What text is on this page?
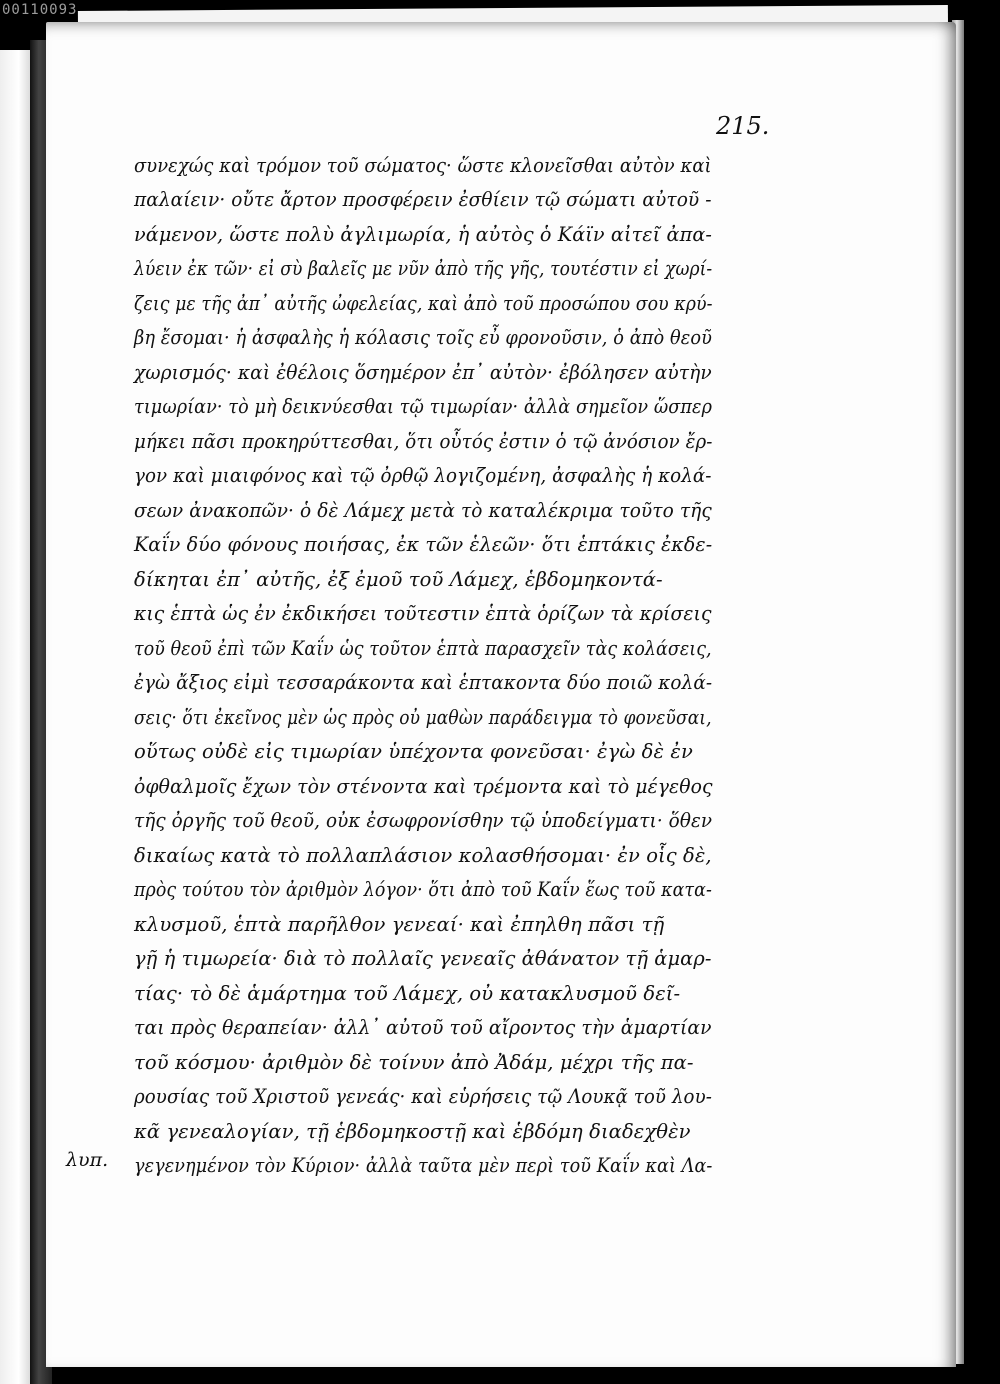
00110093
215.
λυπ.
συνεχώς καὶ τρόμον τοῦ σώματος· ὥστε κλονεῖσθαι αὐτὸν καὶ
παλαίειν· οὔτε ἄρτον προσφέρειν ἐσθίειν τῷ σώματι αὐτοῦ -
νάμενον, ὥστε πολὺ ἀγλιμωρία, ἡ αὐτὸς ὁ Κάϊν αἰτεῖ ἀπα-
λύειν ἐκ τῶν· εἰ σὺ βαλεῖς με νῦν ἀπὸ τῆς γῆς, τουτέστιν εἰ χωρί-
ζεις με τῆς ἀπ᾽ αὐτῆς ὠφελείας, καὶ ἀπὸ τοῦ προσώπου σου κρύ-
βη ἔσομαι· ἡ ἀσφαλὴς ἡ κόλασις τοῖς εὖ φρονοῦσιν, ὁ ἀπὸ θεοῦ
χωρισμός· καὶ ἐθέλοις ὅσημέρον ἐπ᾽ αὐτὸν· ἐβόλησεν αὐτὴν
τιμωρίαν· τὸ μὴ δεικνύεσθαι τῷ τιμωρίαν· ἀλλὰ σημεῖον ὥσπερ
μήκει πᾶσι προκηρύττεσθαι, ὅτι οὗτός ἐστιν ὁ τῷ ἀνόσιον ἔρ-
γον καὶ μιαιφόνος καὶ τῷ ὀρθῷ λογιζομένη, ἀσφαλὴς ἡ κολά-
σεων ἀνακοπῶν· ὁ δὲ Λάμεχ μετὰ τὸ καταλέκριμα τοῦτο τῆς
Καΐν δύο φόνους ποιήσας, ἐκ τῶν ἑλεῶν· ὅτι ἑπτάκις ἐκδε-
δίκηται ἐπ᾽ αὐτῆς, ἐξ ἐμοῦ τοῦ Λάμεχ, ἑβδομηκοντά-
κις ἑπτὰ ὡς ἐν ἐκδικήσει τοῦτεστιν ἑπτὰ ὁρίζων τὰ κρίσεις
τοῦ θεοῦ ἐπὶ τῶν Καΐν ὡς τοῦτον ἑπτὰ παρασχεῖν τὰς κολάσεις,
ἐγὼ ἄξιος εἰμὶ τεσσαράκοντα καὶ ἑπτακοντα δύο ποιῶ κολά-
σεις· ὅτι ἐκεῖνος μὲν ὡς πρὸς οὐ μαθὼν παράδειγμα τὸ φονεῦσαι,
οὕτως οὐδὲ εἰς τιμωρίαν ὑπέχοντα φονεῦσαι· ἐγὼ δὲ ἐν
ὀφθαλμοῖς ἔχων τὸν στένοντα καὶ τρέμοντα καὶ τὸ μέγεθος
τῆς ὀργῆς τοῦ θεοῦ, οὐκ ἐσωφρονίσθην τῷ ὑποδείγματι· ὅθεν
δικαίως κατὰ τὸ πολλαπλάσιον κολασθήσομαι· ἐν οἷς δὲ,
πρὸς τούτου τὸν ἀριθμὸν λόγον· ὅτι ἀπὸ τοῦ Καΐν ἕως τοῦ κατα-
κλυσμοῦ, ἑπτὰ παρῆλθον γενεαί· καὶ ἐπηλθη πᾶσι τῇ
γῇ ἡ τιμωρεία· διὰ τὸ πολλαῖς γενεαῖς ἀθάνατον τῇ ἁμαρ-
τίας· τὸ δὲ ἁμάρτημα τοῦ Λάμεχ, οὐ κατακλυσμοῦ δεῖ-
ται πρὸς θεραπείαν· ἀλλ᾽ αὐτοῦ τοῦ αἴροντος τὴν ἁμαρτίαν
τοῦ κόσμου· ἀριθμὸν δὲ τοίνυν ἀπὸ Ἀδάμ, μέχρι τῆς πα-
ρουσίας τοῦ Χριστοῦ γενεάς· καὶ εὑρήσεις τῷ Λουκᾷ τοῦ λου-
κᾶ γενεαλογίαν, τῇ ἑβδομηκοστῇ καὶ ἑβδόμη διαδεχθὲν
γεγενημένον τὸν Κύριον· ἀλλὰ ταῦτα μὲν περὶ τοῦ Καΐν καὶ Λα-
